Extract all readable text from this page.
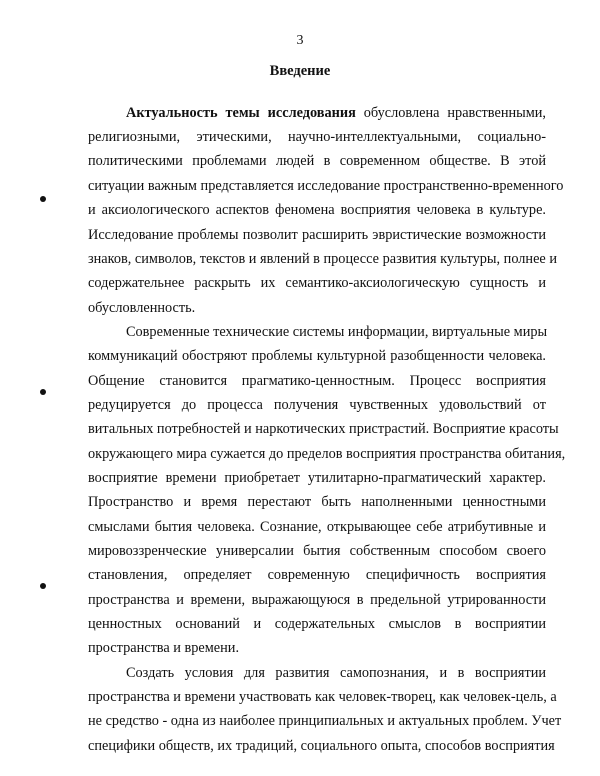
3
Введение
Актуальность темы исследования обусловлена нравственными,
религиозными, этическими, научно-интеллектуальными, социально-
политическими проблемами людей в современном обществе. В этой
ситуации важным представляется исследование пространственно-временного
и аксиологического аспектов феномена восприятия человека в культуре.
Исследование проблемы позволит расширить эвристические возможности
знаков, символов, текстов и явлений в процессе развития культуры, полнее и
содержательнее раскрыть их семантико-аксиологическую сущность и
обусловленность.
Современные технические системы информации, виртуальные миры
коммуникаций обостряют проблемы культурной разобщенности человека.
Общение становится прагматико-ценностным. Процесс восприятия
редуцируется до процесса получения чувственных удовольствий от
витальных потребностей и наркотических пристрастий. Восприятие красоты
окружающего мира сужается до пределов восприятия пространства обитания,
восприятие времени приобретает утилитарно-прагматический характер.
Пространство и время перестают быть наполненными ценностными
смыслами бытия человека. Сознание, открывающее себе атрибутивные и
мировоззренческие универсалии бытия собственным способом своего
становления, определяет современную специфичность восприятия
пространства и времени, выражающуюся в предельной утрированности
ценностных оснований и содержательных смыслов в восприятии
пространства и времени.
Создать условия для развития самопознания, и в восприятии
пространства и времени участвовать как человек-творец, как человек-цель, а
не средство - одна из наиболее принципиальных и актуальных проблем. Учет
специфики обществ, их традиций, социального опыта, способов восприятия
